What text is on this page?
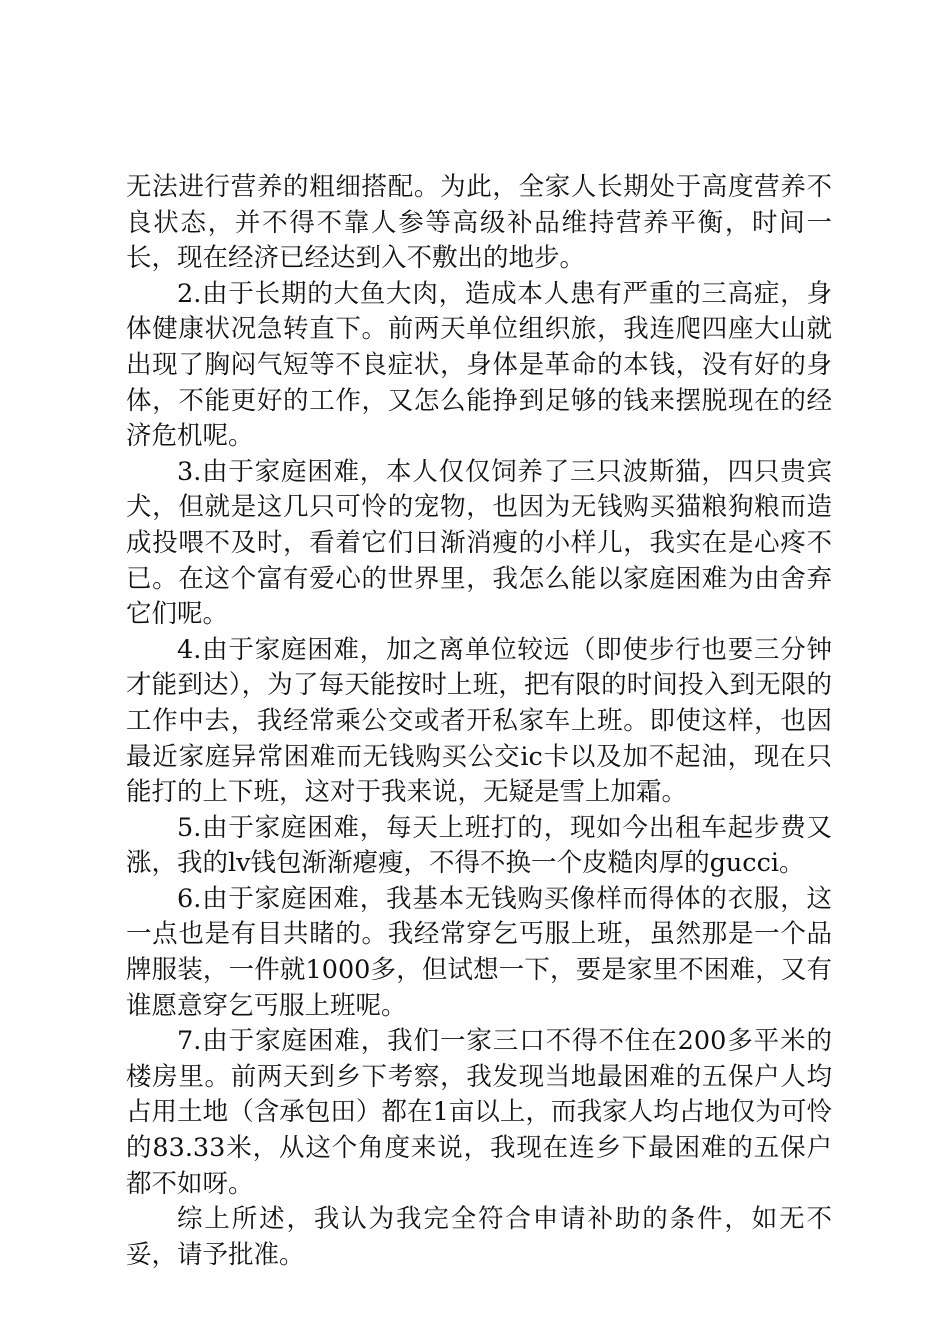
无法进行营养的粗细搭配。为此，全家人长期处于高度营养不良状态，并不得不靠人参等高级补品维持营养平衡，时间一长，现在经济已经达到入不敷出的地步。

2.由于长期的大鱼大肉，造成本人患有严重的三高症，身体健康状况急转直下。前两天单位组织旅，我连爬四座大山就出现了胸闷气短等不良症状，身体是革命的本钱，没有好的身体，不能更好的工作，又怎么能挣到足够的钱来摆脱现在的经济危机呢。

3.由于家庭困难，本人仅仅饲养了三只波斯猫，四只贵宾犬，但就是这几只可怜的宠物，也因为无钱购买猫粮狗粮而造成投喂不及时，看着它们日渐消瘦的小样儿，我实在是心疼不已。在这个富有爱心的世界里，我怎么能以家庭困难为由舍弃它们呢。

4.由于家庭困难，加之离单位较远（即使步行也要三分钟才能到达），为了每天能按时上班，把有限的时间投入到无限的工作中去，我经常乘公交或者开私家车上班。即使这样，也因最近家庭异常困难而无钱购买公交ic卡以及加不起油，现在只能打的上下班，这对于我来说，无疑是雪上加霜。

5.由于家庭困难，每天上班打的，现如今出租车起步费又涨，我的lv钱包渐渐瘪瘦，不得不换一个皮糙肉厚的gucci。

6.由于家庭困难，我基本无钱购买像样而得体的衣服，这一点也是有目共睹的。我经常穿乞丐服上班，虽然那是一个品牌服装，一件就1000多，但试想一下，要是家里不困难，又有谁愿意穿乞丐服上班呢。

7.由于家庭困难，我们一家三口不得不住在200多平米的楼房里。前两天到乡下考察，我发现当地最困难的五保户人均占用土地（含承包田）都在1亩以上，而我家人均占地仅为可怜的83.33米，从这个角度来说，我现在连乡下最困难的五保户都不如呀。

综上所述，我认为我完全符合申请补助的条件，如无不妥，请予批准。
